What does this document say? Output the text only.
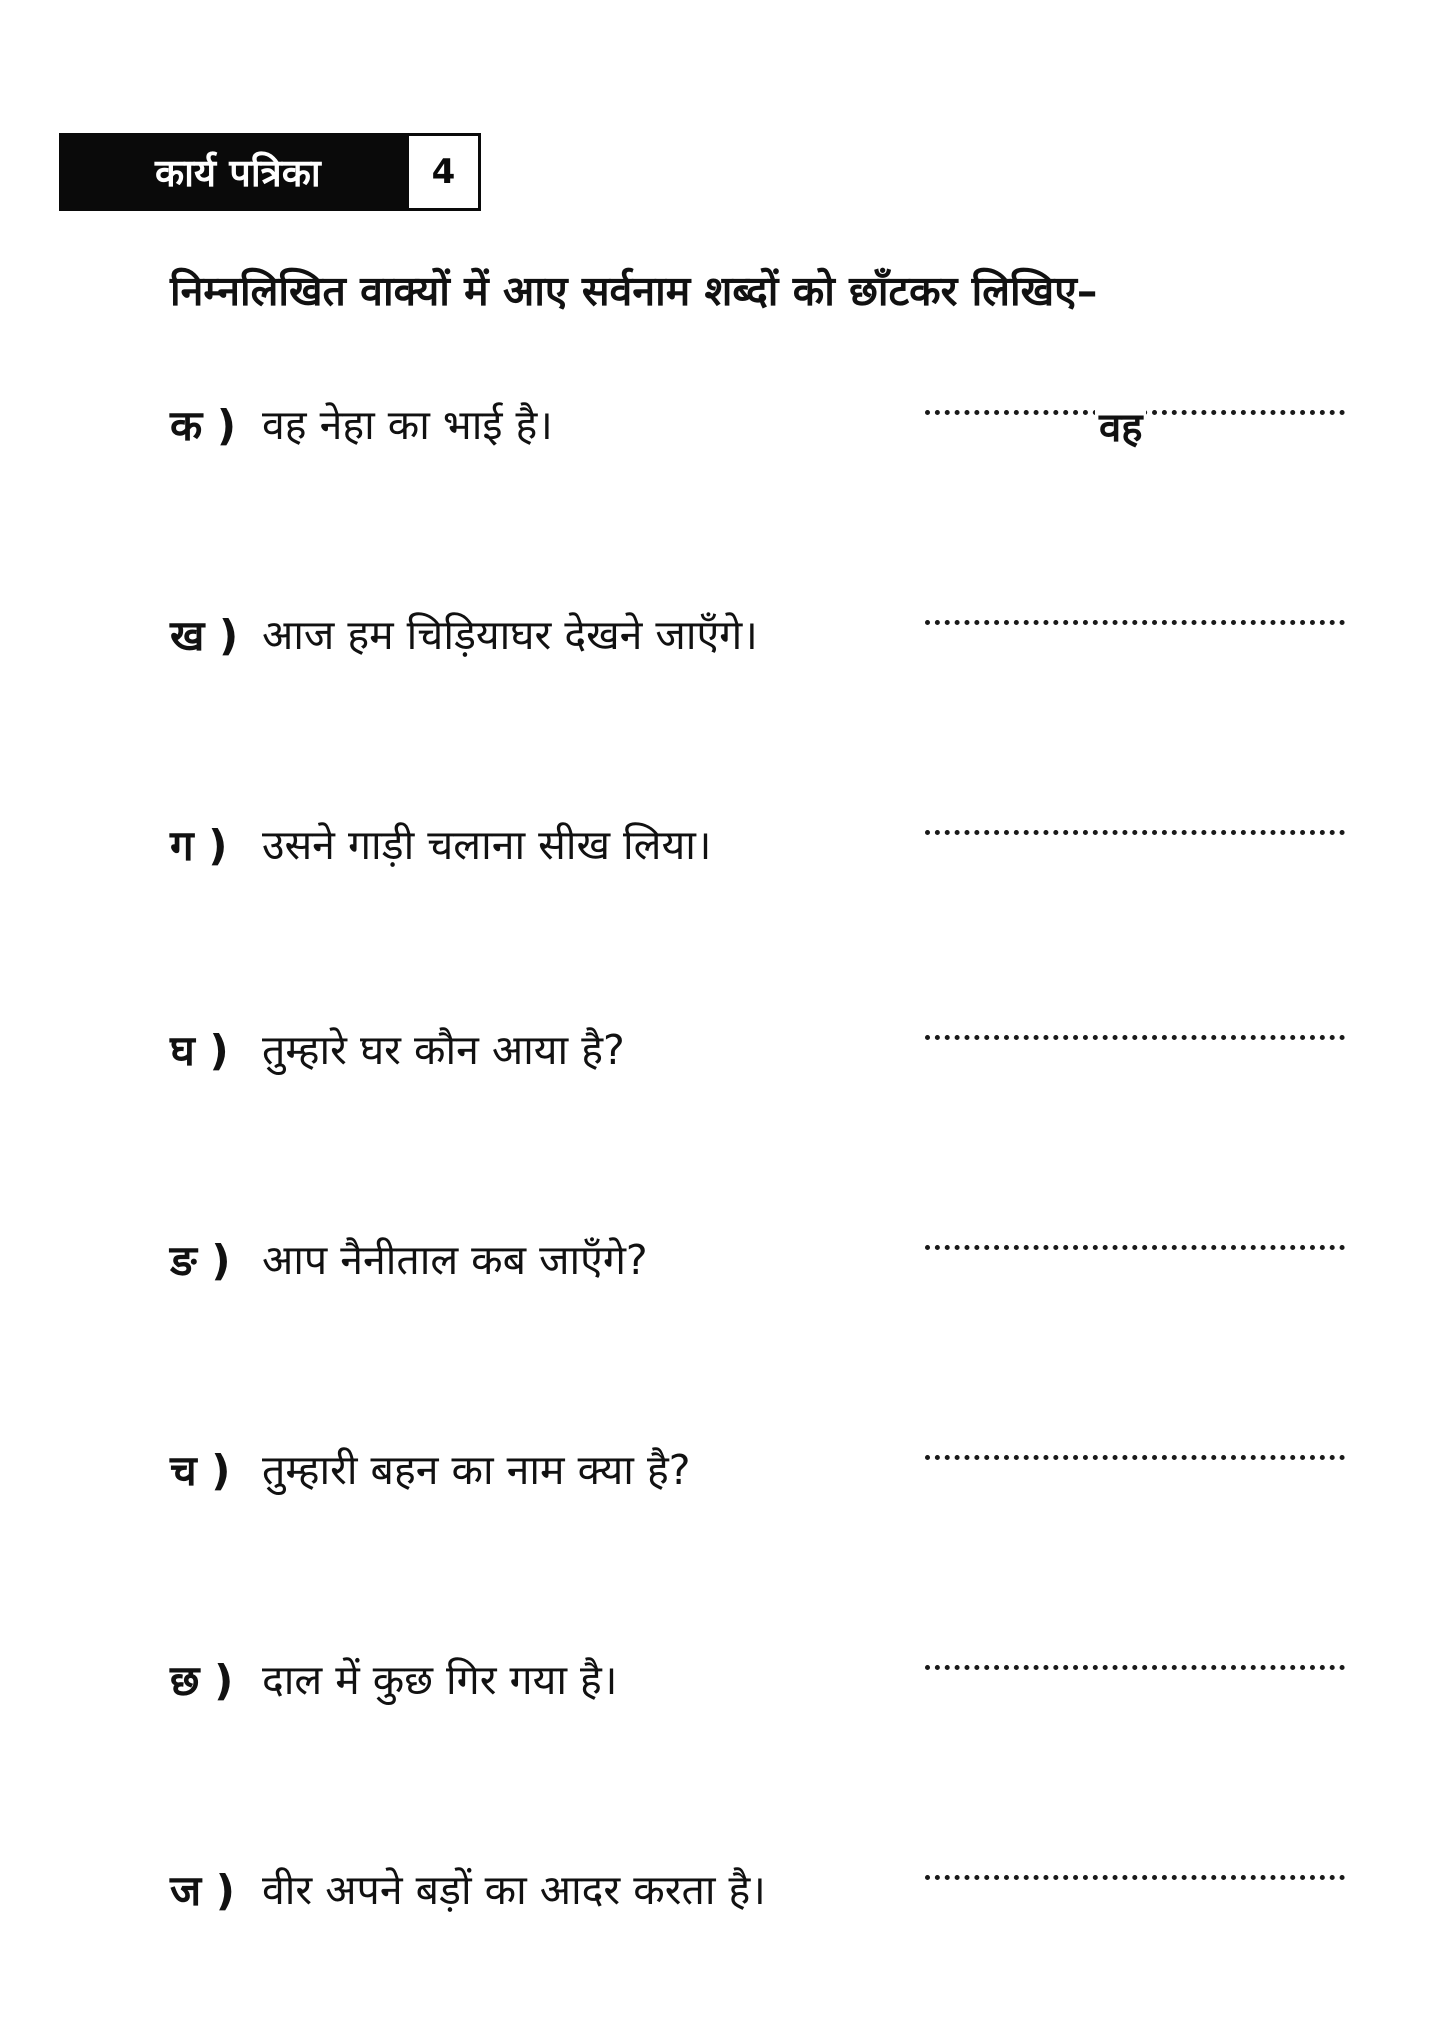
कार्य पत्रिका	4
निम्नलिखित वाक्यों में आए सर्वनाम शब्दों को छाँटकर लिखिए–
क ) वह नेहा का भाई है।	वह
ख ) आज हम चिड़ियाघर देखने जाएँगे।
ग ) उसने गाड़ी चलाना सीख लिया।
घ ) तुम्हारे घर कौन आया है?
ङ ) आप नैनीताल कब जाएँगे?
च ) तुम्हारी बहन का नाम क्या है?
छ ) दाल में कुछ गिर गया है।
ज ) वीर अपने बड़ों का आदर करता है।
